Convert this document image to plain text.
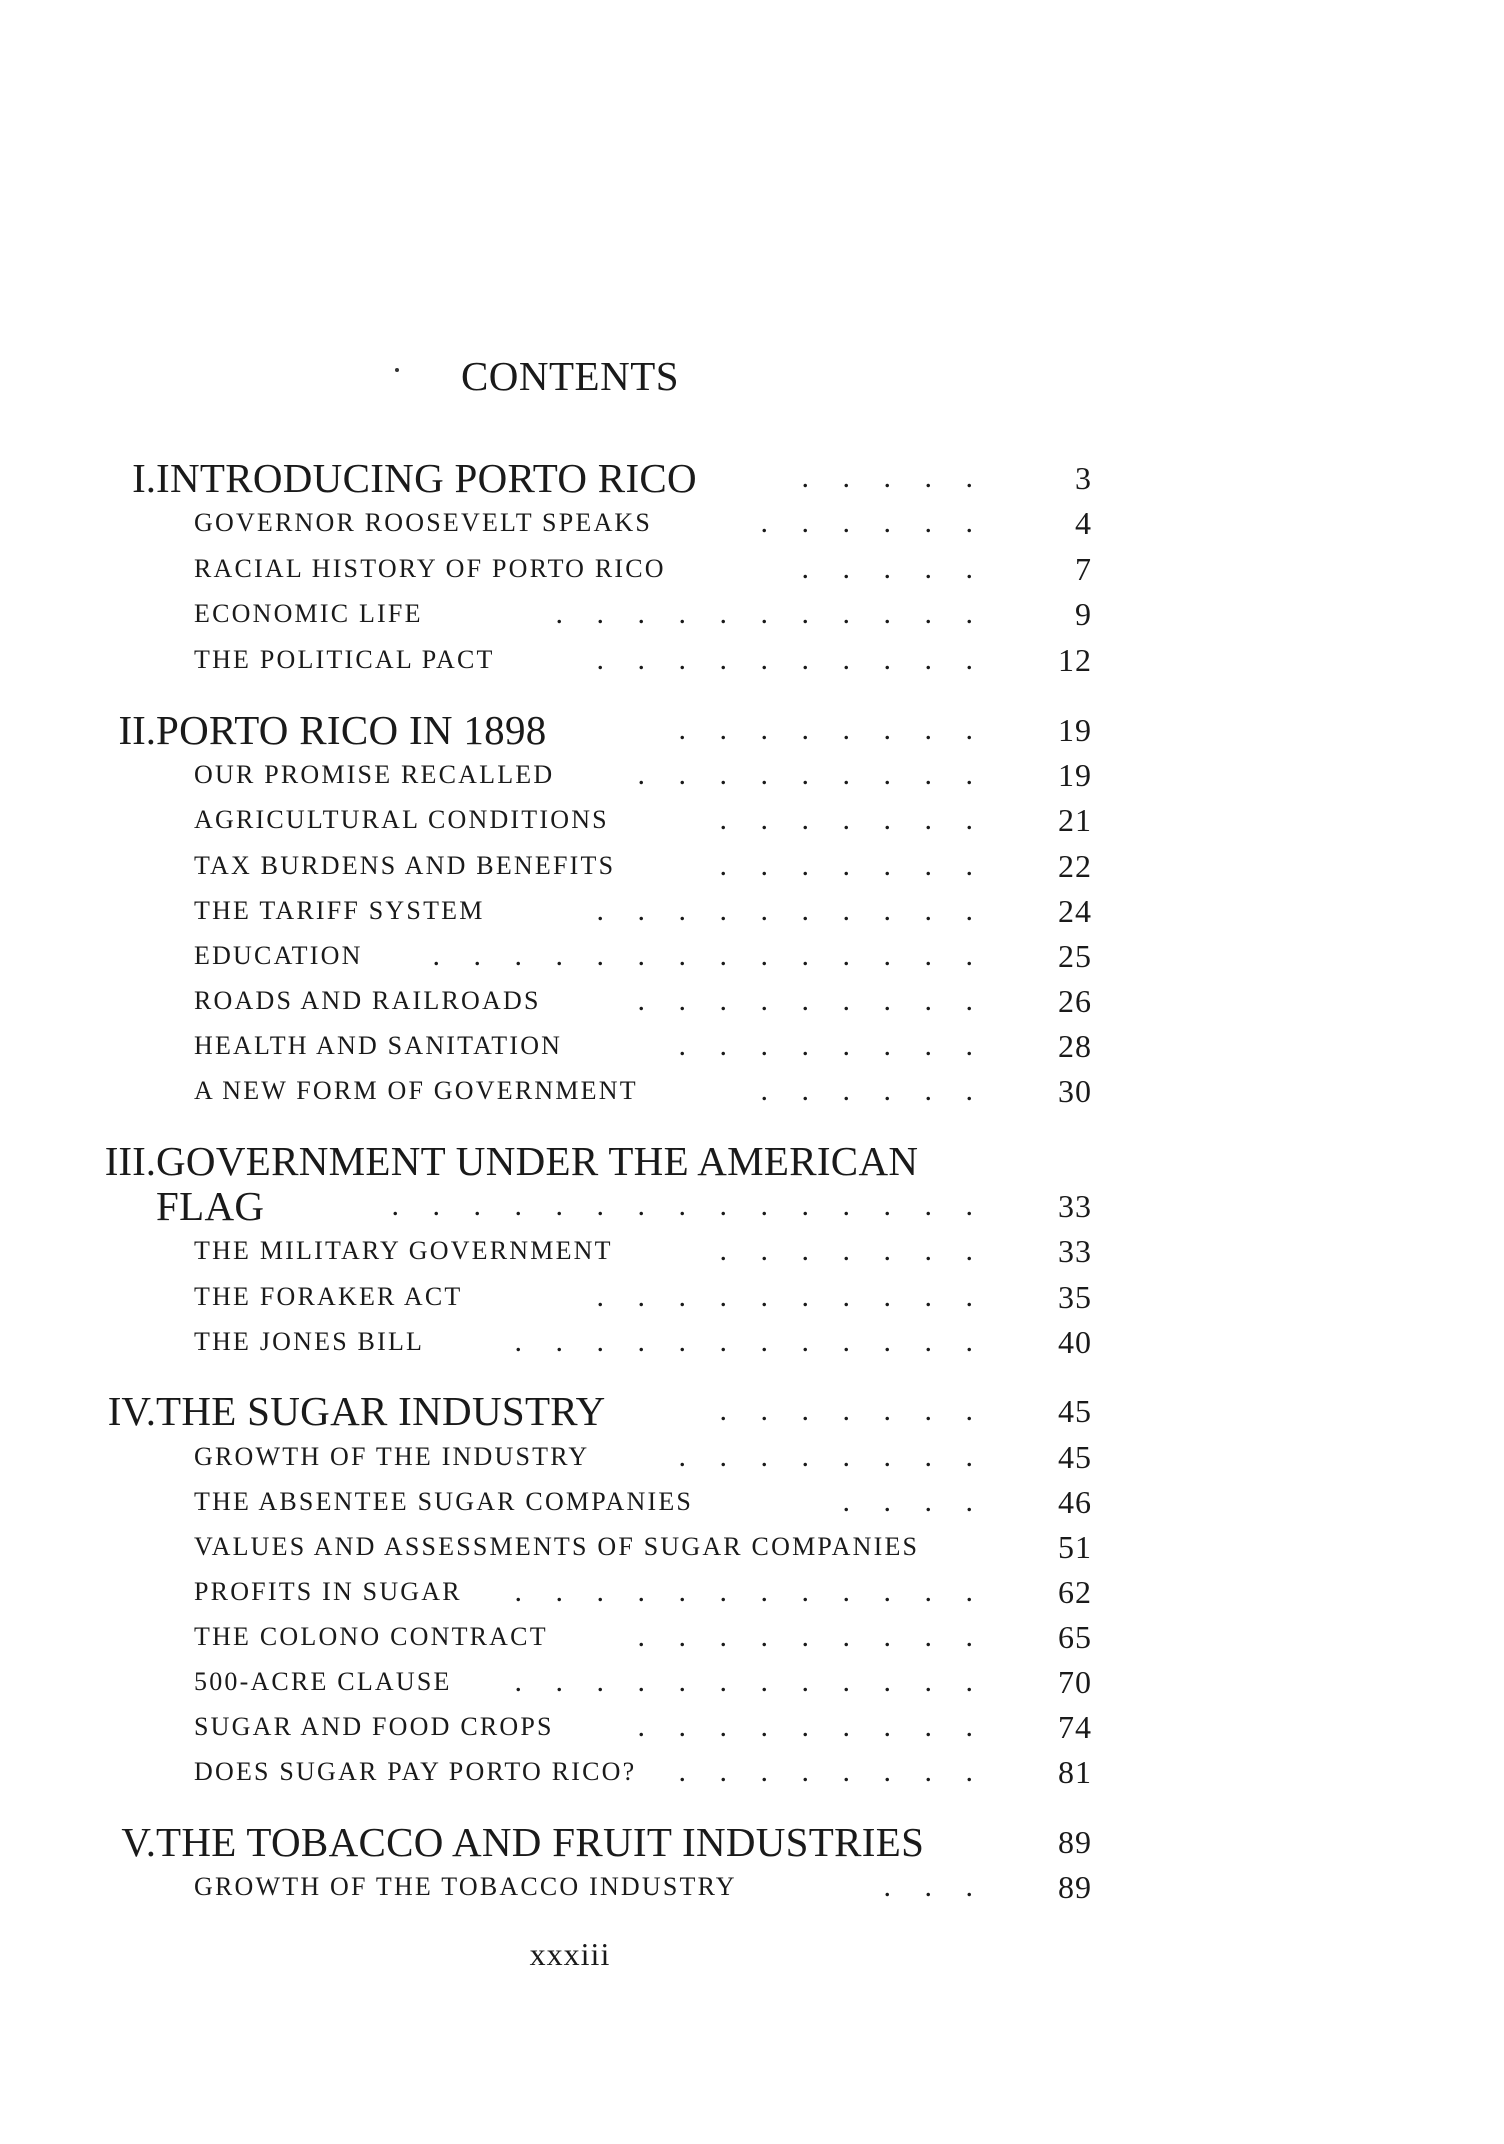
CONTENTS
I. INTRODUCING PORTO RICO	. . . . .	3
GOVERNOR ROOSEVELT SPEAKS	. . . . . .	4
RACIAL HISTORY OF PORTO RICO	. . . . .	7
ECONOMIC LIFE	. . . . . . . . . . .	9
THE POLITICAL PACT	. . . . . . . . . . 12
II. PORTO RICO IN 1898	. . . . . . . . 19
OUR PROMISE RECALLED	. . . . . . . . . 19
AGRICULTURAL CONDITIONS	. . . . . . . 21
TAX BURDENS AND BENEFITS	. . . . . . . 22
THE TARIFF SYSTEM	. . . . . . . . . . 24
EDUCATION . . . . . . . . . . . . . . 25
ROADS AND RAILROADS	. . . . . . . . . 26
HEALTH AND SANITATION	. . . . . . . . 28
A NEW FORM OF GOVERNMENT	. . . . . . 30
III. GOVERNMENT UNDER THE AMERICAN
FLAG	. . . . . . . . . . . . . . . 33
THE MILITARY GOVERNMENT	. . . . . . . 33
THE FORAKER ACT	. . . . . . . . . . 35
THE JONES BILL	. . . . . . . . . . . . 40
IV. THE SUGAR INDUSTRY	. . . . . . . 45
GROWTH OF THE INDUSTRY	. . . . . . . . 45
THE ABSENTEE SUGAR COMPANIES	. . . . 46
VALUES AND ASSESSMENTS OF SUGAR COMPANIES	51
PROFITS IN SUGAR . . . . . . . . . . . . 62
THE COLONO CONTRACT	. . . . . . . . . 65
500-ACRE CLAUSE . . . . . . . . . . . . 70
SUGAR AND FOOD CROPS	. . . . . . . . . 74
DOES SUGAR PAY PORTO RICO? . . . . . . . . 81
V. THE TOBACCO AND FRUIT INDUSTRIES	89
GROWTH OF THE TOBACCO INDUSTRY	. . . 89
xxxiii
